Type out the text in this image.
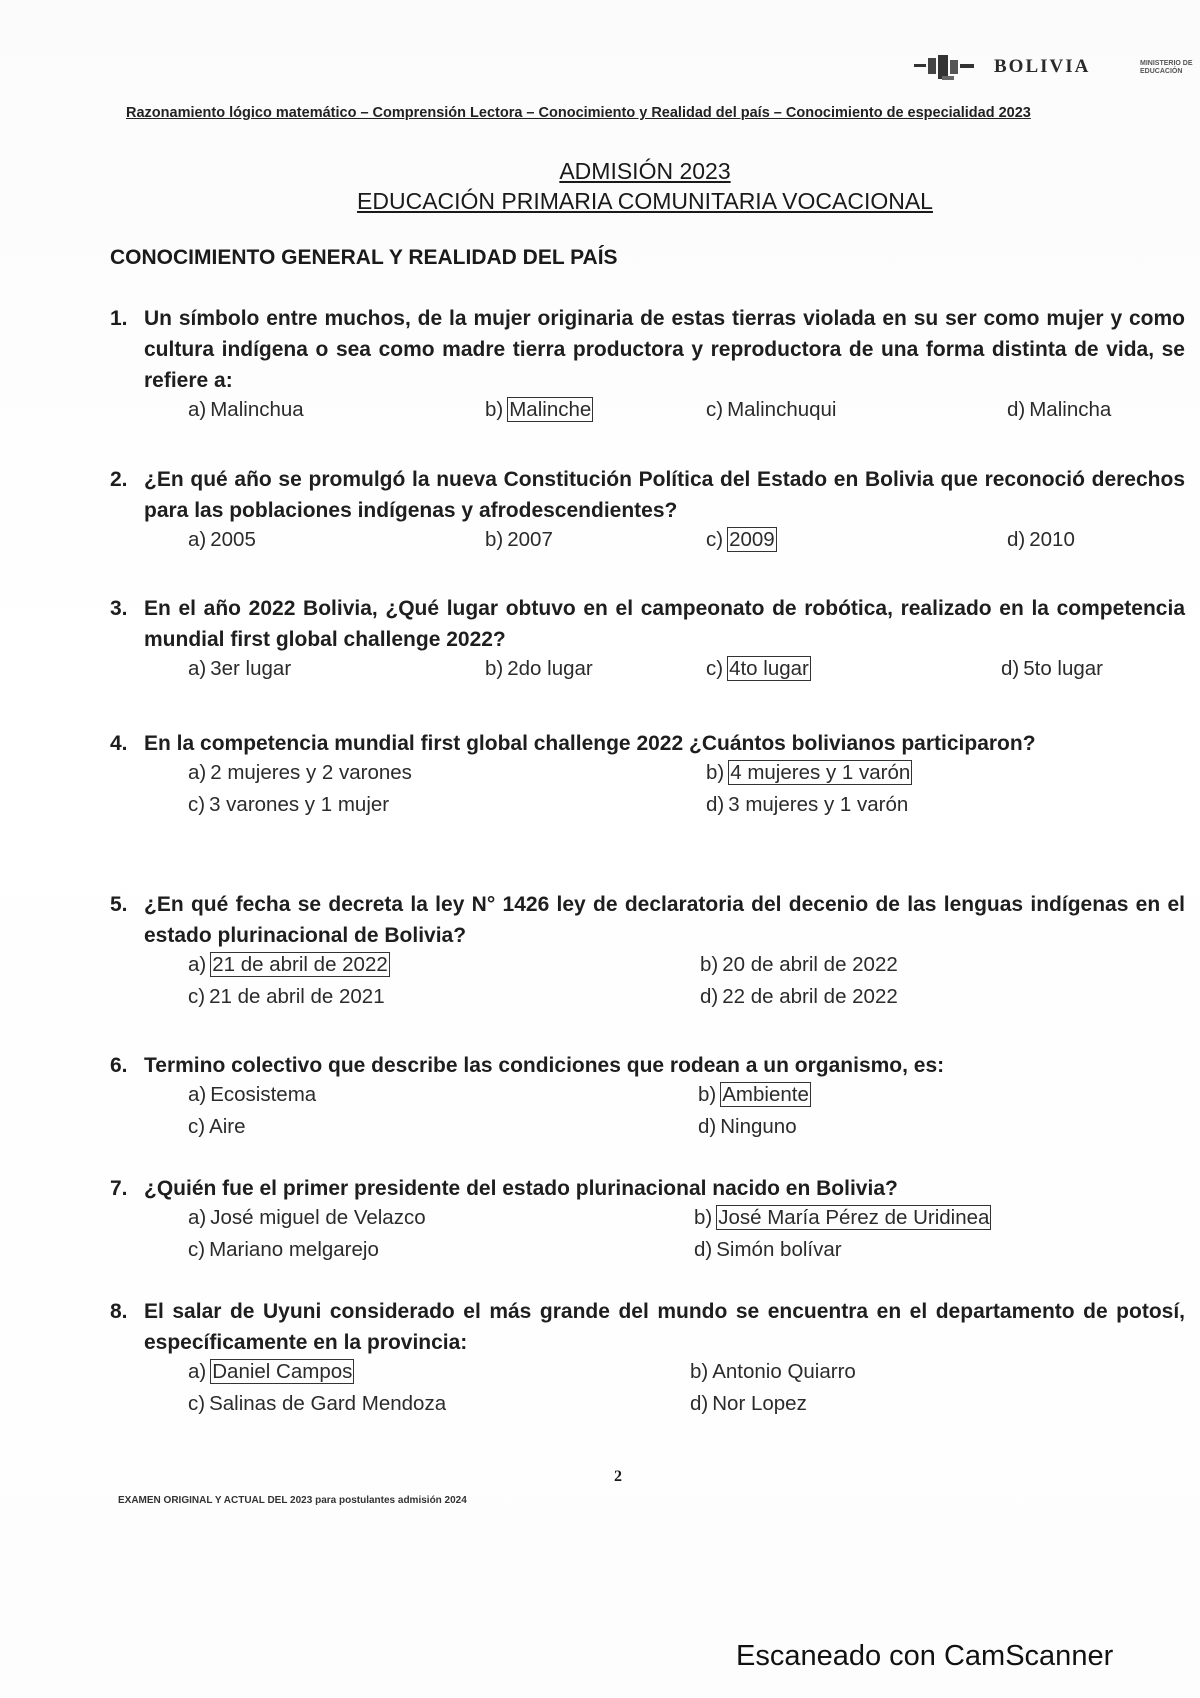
BOLIVIA	MINISTERIO DE EDUCACIÓN
Razonamiento lógico matemático – Comprensión Lectora – Conocimiento y Realidad del país – Conocimiento de especialidad 2023
ADMISIÓN 2023
EDUCACIÓN PRIMARIA COMUNITARIA VOCACIONAL
CONOCIMIENTO GENERAL Y REALIDAD DEL PAÍS
1. Un símbolo entre muchos, de la mujer originaria de estas tierras violada en su ser como mujer y como cultura indígena o sea como madre tierra productora y reproductora de una forma distinta de vida, se refiere a:
a) Malinchua	b) Malinche	c) Malinchuqui	d) Malincha
2. ¿En qué año se promulgó la nueva Constitución Política del Estado en Bolivia que reconoció derechos para las poblaciones indígenas y afrodescendientes?
a) 2005	b) 2007	c) 2009	d) 2010
3. En el año 2022 Bolivia, ¿Qué lugar obtuvo en el campeonato de robótica, realizado en la competencia mundial first global challenge 2022?
a) 3er lugar	b) 2do lugar	c) 4to lugar	d) 5to lugar
4. En la competencia mundial first global challenge 2022 ¿Cuántos bolivianos participaron?
a) 2 mujeres y 2 varones	b) 4 mujeres y 1 varón
c) 3 varones y 1 mujer	d) 3 mujeres y 1 varón
5. ¿En qué fecha se decreta la ley N° 1426 ley de declaratoria del decenio de las lenguas indígenas en el estado plurinacional de Bolivia?
a) 21 de abril de 2022	b) 20 de abril de 2022
c) 21 de abril de 2021	d) 22 de abril de 2022
6. Termino colectivo que describe las condiciones que rodean a un organismo, es:
a) Ecosistema	b) Ambiente
c) Aire	d) Ninguno
7. ¿Quién fue el primer presidente del estado plurinacional nacido en Bolivia?
a) José miguel de Velazco	b) José María Pérez de Uridinea
c) Mariano melgarejo	d) Simón bolívar
8. El salar de Uyuni considerado el más grande del mundo se encuentra en el departamento de potosí, específicamente en la provincia:
a) Daniel Campos	b) Antonio Quiarro
c) Salinas de Gard Mendoza	d) Nor Lopez
2
EXAMEN ORIGINAL Y ACTUAL DEL 2023 para postulantes admisión 2024
Escaneado con CamScanner
